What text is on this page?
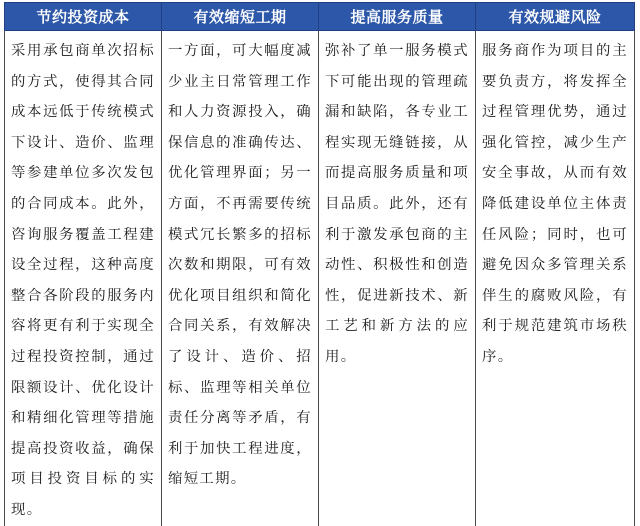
节约投资成本	有效缩短工期	提高服务质量	有效规避风险
采用承包商单次招标的方式，使得其合同成本远低于传统模式下设计、造价、监理等参建单位多次发包的合同成本。此外，咨询服务覆盖工程建设全过程，这种高度整合各阶段的服务内容将更有利于实现全过程投资控制，通过限额设计、优化设计和精细化管理等措施提高投资收益，确保项目投资目标的实现。	一方面，可大幅度减少业主日常管理工作和人力资源投入，确保信息的准确传达、优化管理界面；另一方面，不再需要传统模式冗长繁多的招标次数和期限，可有效优化项目组织和简化合同关系，有效解决了设计、造价、招标、监理等相关单位责任分离等矛盾，有利于加快工程进度，缩短工期。	弥补了单一服务模式下可能出现的管理疏漏和缺陷，各专业工程实现无缝链接，从而提高服务质量和项目品质。此外，还有利于激发承包商的主动性、积极性和创造性，促进新技术、新工艺和新方法的应用。	服务商作为项目的主要负责方，将发挥全过程管理优势，通过强化管控，减少生产安全事故，从而有效降低建设单位主体责任风险；同时，也可避免因众多管理关系伴生的腐败风险，有利于规范建筑市场秩序。
